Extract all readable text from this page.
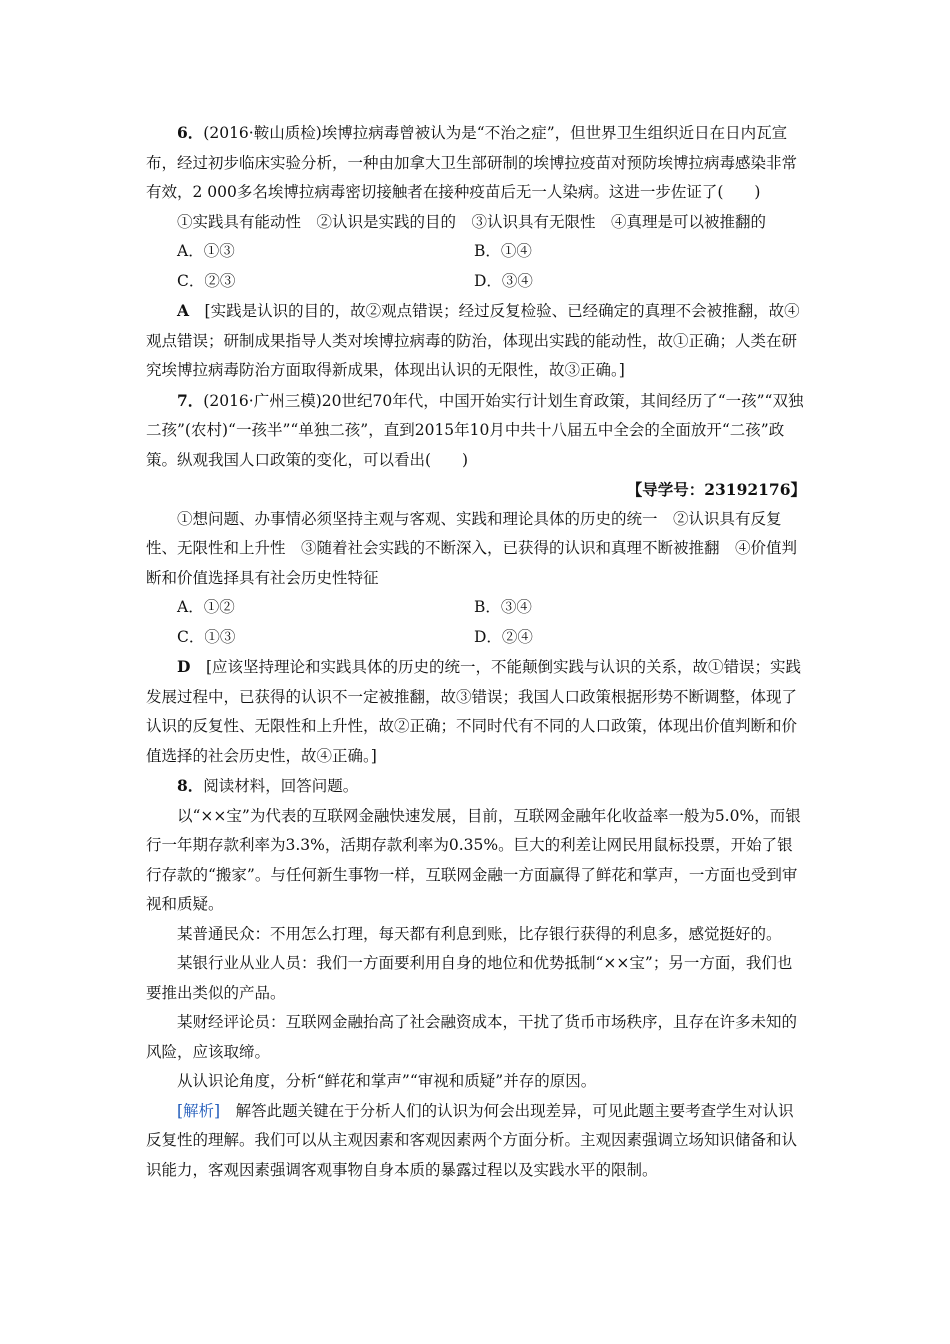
6．(2016·鞍山质检)埃博拉病毒曾被认为是“不治之症”，但世界卫生组织近日在日内瓦宣布，经过初步临床实验分析，一种由加拿大卫生部研制的埃博拉疫苗对预防埃博拉病毒感染非常有效，2 000多名埃博拉病毒密切接触者在接种疫苗后无一人染病。这进一步佐证了(　　)

①实践具有能动性　②认识是实践的目的　③认识具有无限性　④真理是可以被推翻的

A．①③	B．①④
C．②③	D．③④

A　[实践是认识的目的，故②观点错误；经过反复检验、已经确定的真理不会被推翻，故④观点错误；研制成果指导人类对埃博拉病毒的防治，体现出实践的能动性，故①正确；人类在研究埃博拉病毒防治方面取得新成果，体现出认识的无限性，故③正确。]

7．(2016·广州三模)20世纪70年代，中国开始实行计划生育政策，其间经历了“一孩”“双独二孩”(农村)“一孩半”“单独二孩”，直到2015年10月中共十八届五中全会的全面放开“二孩”政策。纵观我国人口政策的变化，可以看出(　　)

【导学号：23192176】

①想问题、办事情必须坚持主观与客观、实践和理论具体的历史的统一　②认识具有反复性、无限性和上升性　③随着社会实践的不断深入，已获得的认识和真理不断被推翻　④价值判断和价值选择具有社会历史性特征

A．①②	B．③④
C．①③	D．②④

D　[应该坚持理论和实践具体的历史的统一，不能颠倒实践与认识的关系，故①错误；实践发展过程中，已获得的认识不一定被推翻，故③错误；我国人口政策根据形势不断调整，体现了认识的反复性、无限性和上升性，故②正确；不同时代有不同的人口政策，体现出价值判断和价值选择的社会历史性，故④正确。]

8．阅读材料，回答问题。

以“××宝”为代表的互联网金融快速发展，目前，互联网金融年化收益率一般为5.0%，而银行一年期存款利率为3.3%，活期存款利率为0.35%。巨大的利差让网民用鼠标投票，开始了银行存款的“搬家”。与任何新生事物一样，互联网金融一方面赢得了鲜花和掌声，一方面也受到审视和质疑。

某普通民众：不用怎么打理，每天都有利息到账，比存银行获得的利息多，感觉挺好的。

某银行业从业人员：我们一方面要利用自身的地位和优势抵制“××宝”；另一方面，我们也要推出类似的产品。

某财经评论员：互联网金融抬高了社会融资成本，干扰了货币市场秩序，且存在许多未知的风险，应该取缔。

从认识论角度，分析“鲜花和掌声”“审视和质疑”并存的原因。

[解析]　解答此题关键在于分析人们的认识为何会出现差异，可见此题主要考查学生对认识反复性的理解。我们可以从主观因素和客观因素两个方面分析。主观因素强调立场知识储备和认识能力，客观因素强调客观事物自身本质的暴露过程以及实践水平的限制。
